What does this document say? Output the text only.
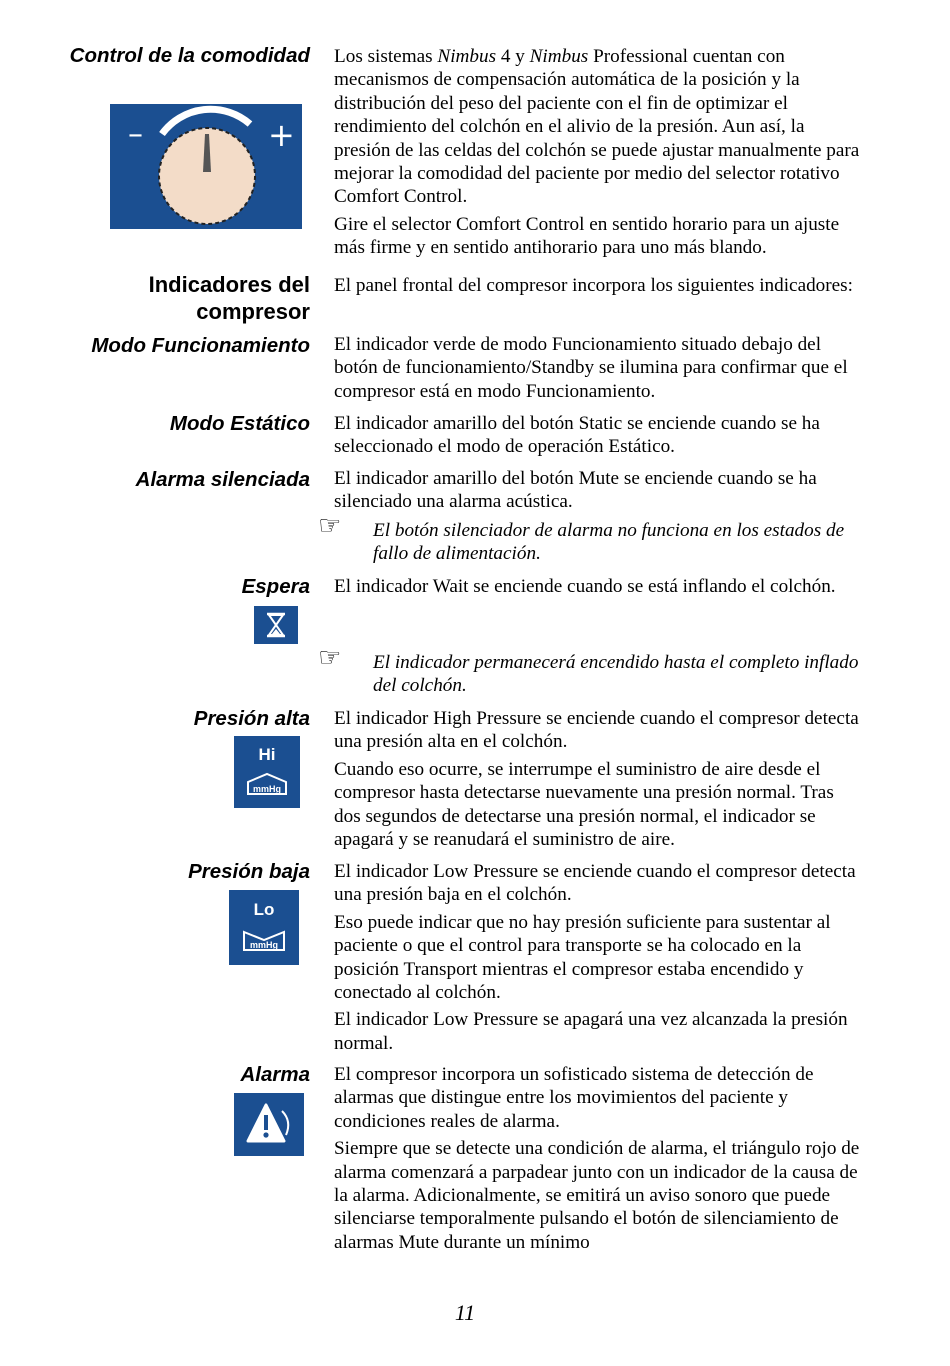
Control de la comodidad
–	+

Los sistemas Nimbus 4 y Nimbus Professional cuentan con mecanismos de compensación automática de la posición y la distribución del peso del paciente con el fin de optimizar el rendimiento del colchón en el alivio de la presión. Aun así, la presión de las celdas del colchón se puede ajustar manualmente para mejorar la comodidad del paciente por medio del selector rotativo Comfort Control.

Gire el selector Comfort Control en sentido horario para un ajuste más firme y en sentido antihorario para uno más blando.

Indicadores del compresor
El panel frontal del compresor incorpora los siguientes indicadores:
Modo Funcionamiento El indicador verde de modo Funcionamiento situado debajo del botón de funcionamiento/Standby se ilumina para confirmar que el compresor está en modo Funcionamiento.
Modo Estático El indicador amarillo del botón Static se enciende cuando se ha seleccionado el modo de operación Estático.
Alarma silenciada El indicador amarillo del botón Mute se enciende cuando se ha silenciado una alarma acústica.
☞ El botón silenciador de alarma no funciona en los estados de fallo de alimentación.
Espera El indicador Wait se enciende cuando se está inflando el colchón.
☞ El indicador permanecerá encendido hasta el completo inflado del colchón.
Presión alta
Hi
mmHg

El indicador High Pressure se enciende cuando el compresor detecta una presión alta en el colchón.

Cuando eso ocurre, se interrumpe el suministro de aire desde el compresor hasta detectarse nuevamente una presión normal. Tras dos segundos de detectarse una presión normal, el indicador se apagará y se reanudará el suministro de aire.

Presión baja
Lo
mmHg

El indicador Low Pressure se enciende cuando el compresor detecta una presión baja en el colchón.

Eso puede indicar que no hay presión suficiente para sustentar al paciente o que el control para transporte se ha colocado en la posición Transport mientras el compresor estaba encendido y conectado al colchón.

El indicador Low Pressure se apagará una vez alcanzada la presión normal.

Alarma El compresor incorpora un sofisticado sistema de detección de alarmas que distingue entre los movimientos del paciente y condiciones reales de alarma.

Siempre que se detecte una condición de alarma, el triángulo rojo de alarma comenzará a parpadear junto con un indicador de la causa de la alarma. Adicionalmente, se emitirá un aviso sonoro que puede silenciarse temporalmente pulsando el botón de silenciamiento de alarmas Mute durante un mínimo

11
